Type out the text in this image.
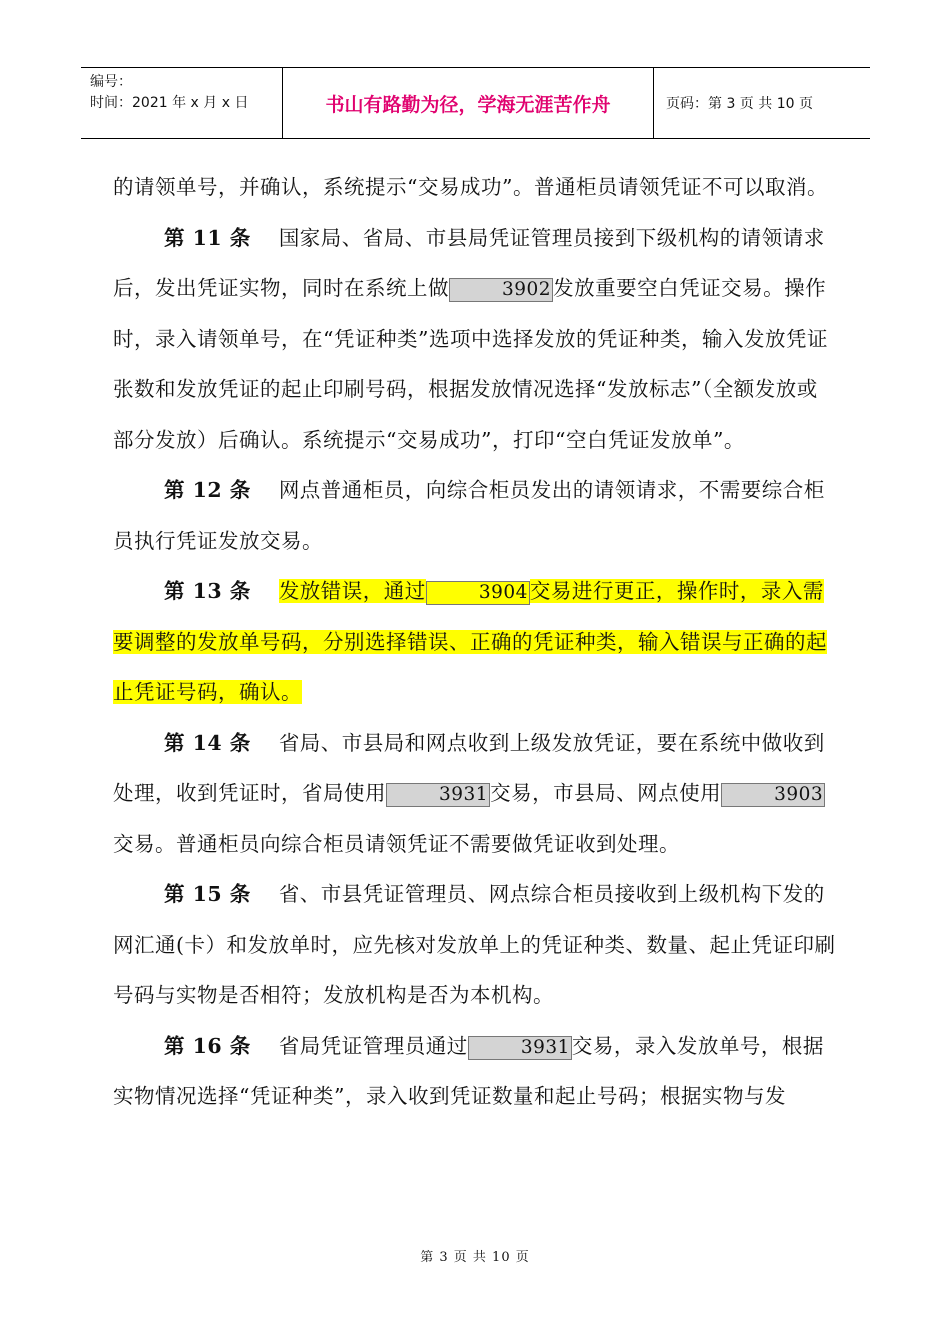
编号：
时间：2021 年 x 月 x 日	书山有路勤为径，学海无涯苦作舟	页码：第 3 页 共 10 页

的请领单号，并确认，系统提示“交易成功”。普通柜员请领凭证不可以取消。

第 11 条 国家局、省局、市县局凭证管理员接到下级机构的请领请求后，发出凭证实物，同时在系统上做	3902发放重要空白凭证交易。操作时，录入请领单号，在“凭证种类”选项中选择发放的凭证种类，输入发放凭证张数和发放凭证的起止印刷号码，根据发放情况选择“发放标志”（全额发放或部分发放）后确认。系统提示“交易成功”，打印“空白凭证发放单”。

第 12 条 网点普通柜员，向综合柜员发出的请领请求，不需要综合柜员执行凭证发放交易。

第 13 条 发放错误，通过	3904交易进行更正，操作时，录入需要调整的发放单号码，分别选择错误、正确的凭证种类，输入错误与正确的起止凭证号码，确认。

第 14 条 省局、市县局和网点收到上级发放凭证，要在系统中做收到处理，收到凭证时，省局使用	3931交易，市县局、网点使用	3903交易。普通柜员向综合柜员请领凭证不需要做凭证收到处理。

第 15 条 省、市县凭证管理员、网点综合柜员接收到上级机构下发的网汇通(卡）和发放单时，应先核对发放单上的凭证种类、数量、起止凭证印刷号码与实物是否相符；发放机构是否为本机构。

第 16 条 省局凭证管理员通过	3931交易，录入发放单号，根据实物情况选择“凭证种类”，录入收到凭证数量和起止号码；根据实物与发

第 3 页 共 10 页
